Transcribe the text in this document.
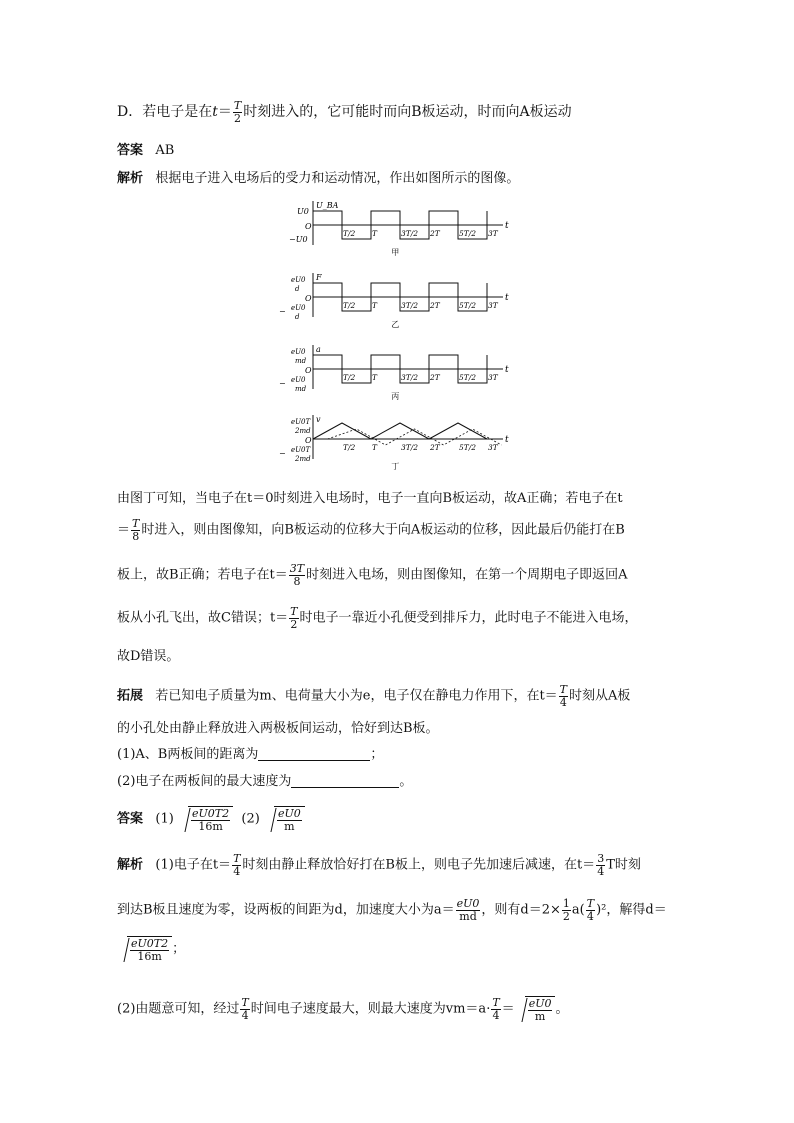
D．若电子是在$t= \frac{T}{2}$ 时刻进入的，它可能时而向B板运动，时而向A板运动
答案 AB
解析 根据电子进入电场后的受力和运动情况，作出如图所示的图像。
t
U_BA
O
U0
−U0
T/2 T	3T/2 2T	5T/2 3T
甲
t
F
O
eU0
d
− eU0
d
T/2 T	3T/2 2T	5T/2 3T
乙
t
a
O
eU0
md
− eU0
md
T/2 T	3T/2 2T	5T/2 3T
丙
t
v
O
eU0T
2md
− eU0T
2md
T/2 T	3T/2 2T	5T/2 3T
丁
由图丁可知，当电子在t＝0时刻进入电场时，电子一直向B板运动，故A正确；若电子在t
＝ $\frac{T}{8}$ 时进入，则由图像知，向B板运动的位移大于向A板运动的位移，因此最后仍能打在B
板上，故B正确；若电子在$t= \frac{3T}{8}$ 时刻进入电场，则由图像知，在第一个周期电子即返回A
板从小孔飞出，故C错误；$t= \frac{T}{2}$ 时电子一靠近小孔便受到排斥力，此时电子不能进入电场，
故D错误。
拓展 若已知电子质量为m、电荷量大小为e，电子仅在静电力作用下，在$t= \frac{T}{4}$ 时刻从A板
的小孔处由静止释放进入两极板间运动，恰好到达B板。
(1)A、B两板间的距离为	；
(2)电子在两板间的最大速度为	。
答案 $(1) \frac{eU0T2}{16m} (2) \frac{eU0}{m}$
解析 (1)电子在$t= \frac{T}{4}$ 时刻由静止释放恰好打在B板上，则电子先加速后减速，在$t= \frac{3}{4}$ T时刻
到达B板且速度为零，设两板的间距为d，加速度大小为$a= \frac{eU0}{md}$ ，则有$d=2\times \frac{1}{2} a( \frac{T}{4} )^2$，解得d＝
$\frac{eU0T2}{16m}$ ；
(2)由题意可知，经过 $\frac{T}{4}$ 时间电子速度最大，则最大速度为$vm=a\cdot \frac{T}{4} = \frac{eU0}{m}$ 。
